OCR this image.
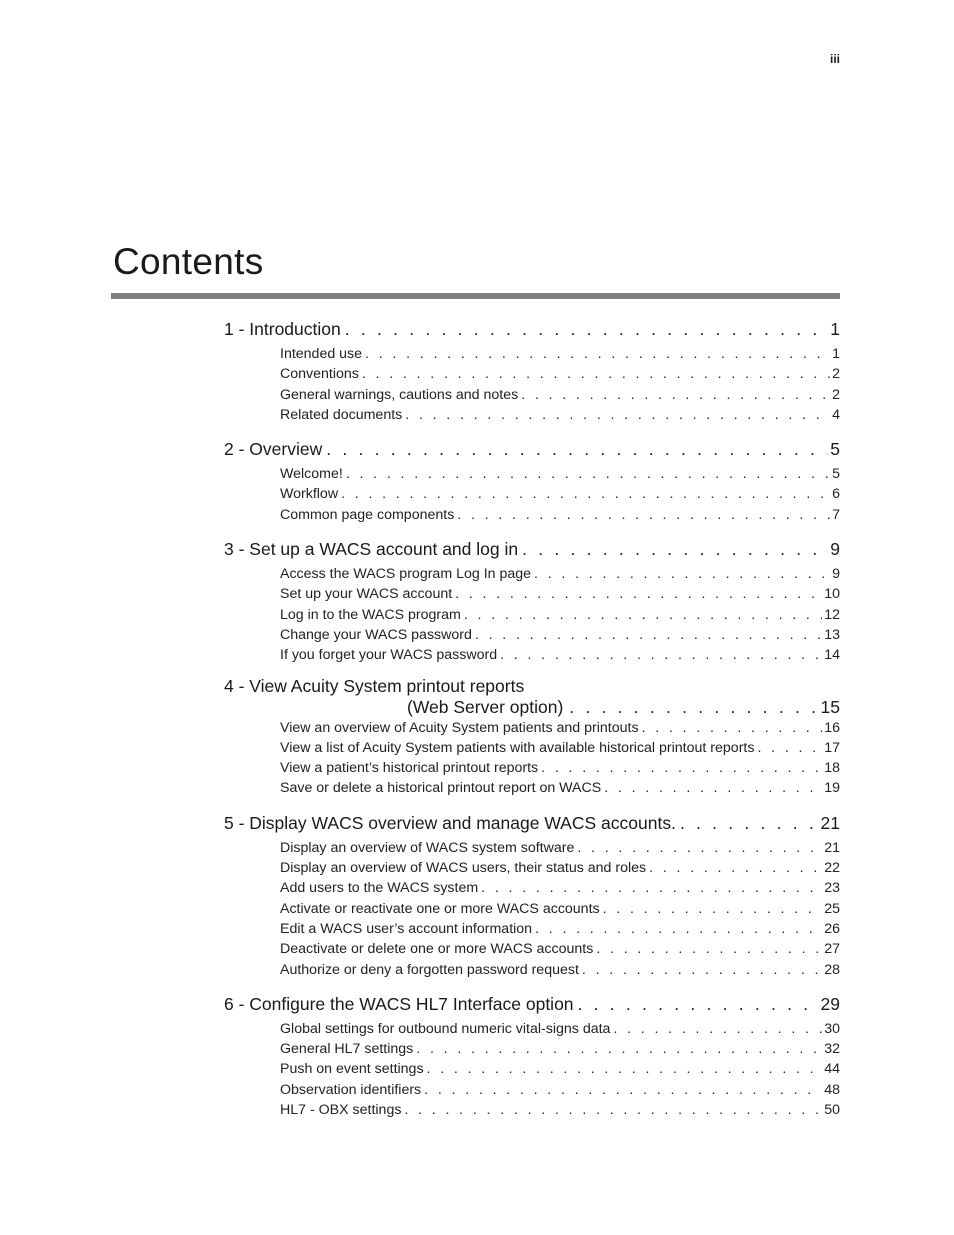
iii
Contents
1 - Introduction . . .	1
Intended use . . .	1
Conventions . . .	2
General warnings, cautions and notes . . .	2
Related documents . . .	4
2 - Overview . . .	5
Welcome! . . .	5
Workflow . . .	6
Common page components . . .	7
3 - Set up a WACS account and log in . . .	9
Access the WACS program Log In page . . .	9
Set up your WACS account . . .	10
Log in to the WACS program . . .	12
Change your WACS password . . .	13
If you forget your WACS password . . .	14
4 - View Acuity System printout reports
(Web Server option) . . .	15
View an overview of Acuity System patients and printouts . . .	16
View a list of Acuity System patients with available historical printout reports . . .	17
View a patient’s historical printout reports . . .	18
Save or delete a historical printout report on WACS . . .	19
5 - Display WACS overview and manage WACS accounts. . . .	21
Display an overview of WACS system software . . .	21
Display an overview of WACS users, their status and roles . . .	22
Add users to the WACS system . . .	23
Activate or reactivate one or more WACS accounts . . .	25
Edit a WACS user’s account information . . .	26
Deactivate or delete one or more WACS accounts . . .	27
Authorize or deny a forgotten password request . . .	28
6 - Configure the WACS HL7 Interface option . . .	29
Global settings for outbound numeric vital-signs data . . .	30
General HL7 settings . . .	32
Push on event settings . . .	44
Observation identifiers . . .	48
HL7 - OBX settings . . .	50
